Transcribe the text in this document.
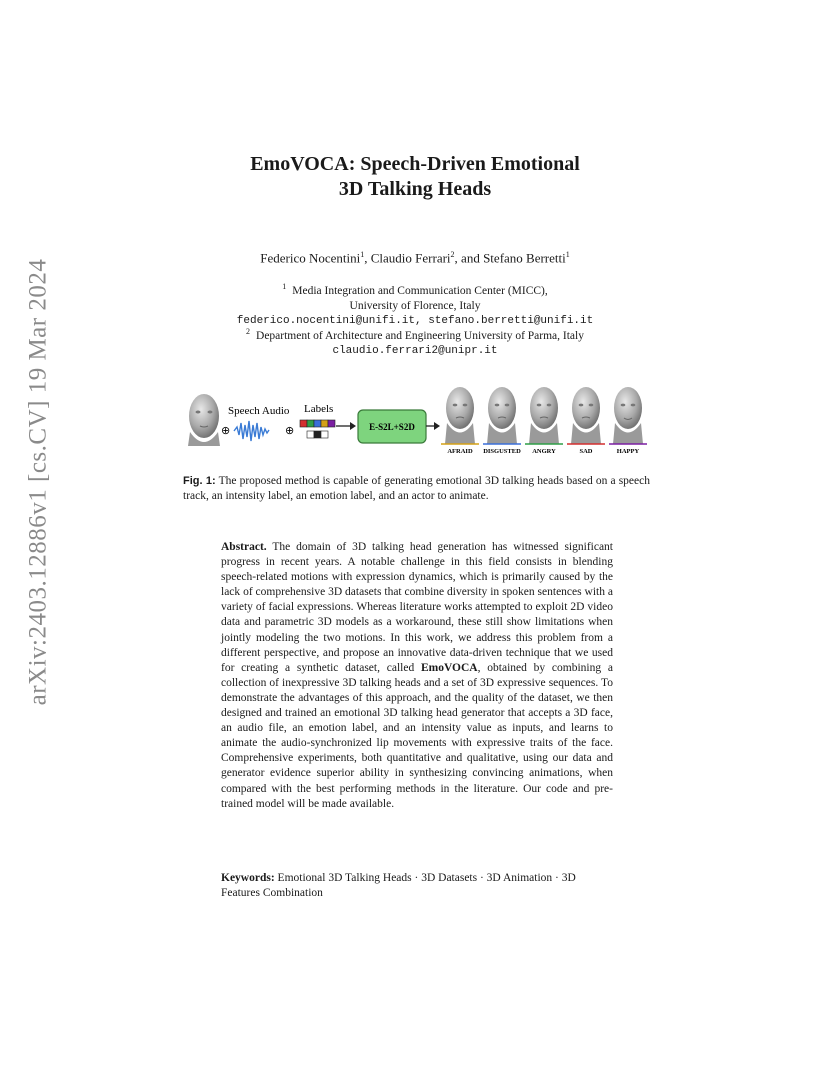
arXiv:2403.12886v1 [cs.CV] 19 Mar 2024
EmoVOCA: Speech-Driven Emotional
3D Talking Heads
Federico Nocentini$^1$, Claudio Ferrari$^2$, and Stefano Berretti$^1$
$^1$ Media Integration and Communication Center (MICC),
University of Florence, Italy
federico.nocentini@unifi.it, stefano.berretti@unifi.it
$^2$ Department of Architecture and Engineering University of Parma, Italy
claudio.ferrari2@unipr.it
⊕
Speech Audio
⊕
Labels
E-S2L+S2D
AFRAID DISGUSTED ANGRY	SAD	HAPPY
Fig. 1: The proposed method is capable of generating emotional 3D talking heads based on a speech track, an intensity label, an emotion label, and an actor to animate.
Abstract. The domain of 3D talking head generation has witnessed significant progress in recent years. A notable challenge in this field consists in blending speech-related motions with expression dynamics, which is primarily caused by the lack of comprehensive 3D datasets that combine diversity in spoken sentences with a variety of facial expressions. Whereas literature works attempted to exploit 2D video data and parametric 3D models as a workaround, these still show limitations when jointly modeling the two motions. In this work, we address this problem from a different perspective, and propose an innovative data-driven technique that we used for creating a synthetic dataset, called EmoVOCA, obtained by combining a collection of inexpressive 3D talking heads and a set of 3D expressive sequences. To demonstrate the advantages of this approach, and the quality of the dataset, we then designed and trained an emotional 3D talking head generator that accepts a 3D face, an audio file, an emotion label, and an intensity value as inputs, and learns to animate the audio-synchronized lip movements with expressive traits of the face. Comprehensive experiments, both quantitative and qualitative, using our data and generator evidence superior ability in synthesizing convincing animations, when compared with the best performing methods in the literature. Our code and pre-trained model will be made available.
Keywords: Emotional 3D Talking Heads · 3D Datasets · 3D Animation · 3D Features Combination
